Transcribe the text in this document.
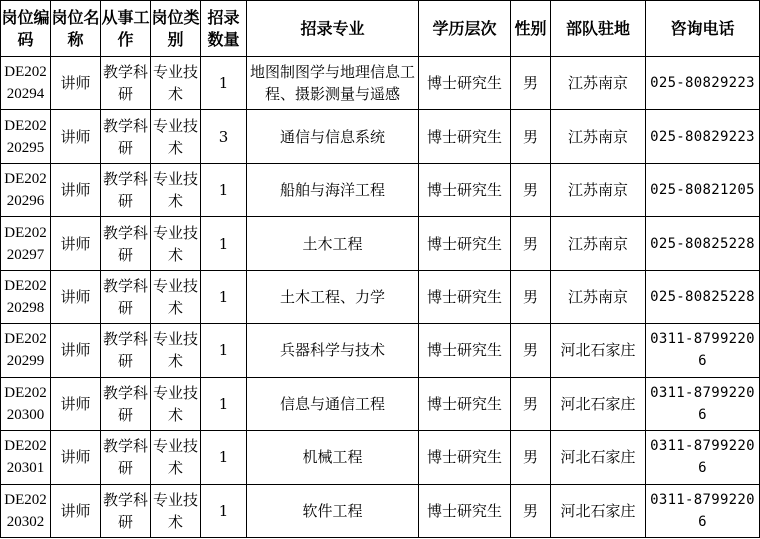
岗位编码	岗位名称	从事工作	岗位类别	招录数量	招录专业	学历层次	性别	部队驻地	咨询电话
DE20220294	讲师	教学科研	专业技术	1	地图制图学与地理信息工程、摄影测量与遥感	博士研究生	男	江苏南京	025-80829223
DE20220295	讲师	教学科研	专业技术	3	通信与信息系统	博士研究生	男	江苏南京	025-80829223
DE20220296	讲师	教学科研	专业技术	1	船舶与海洋工程	博士研究生	男	江苏南京	025-80821205
DE20220297	讲师	教学科研	专业技术	1	土木工程	博士研究生	男	江苏南京	025-80825228
DE20220298	讲师	教学科研	专业技术	1	土木工程、力学	博士研究生	男	江苏南京	025-80825228
DE20220299	讲师	教学科研	专业技术	1	兵器科学与技术	博士研究生	男	河北石家庄	0311-87992206
DE20220300	讲师	教学科研	专业技术	1	信息与通信工程	博士研究生	男	河北石家庄	0311-87992206
DE20220301	讲师	教学科研	专业技术	1	机械工程	博士研究生	男	河北石家庄	0311-87992206
DE20220302	讲师	教学科研	专业技术	1	软件工程	博士研究生	男	河北石家庄	0311-87992206
